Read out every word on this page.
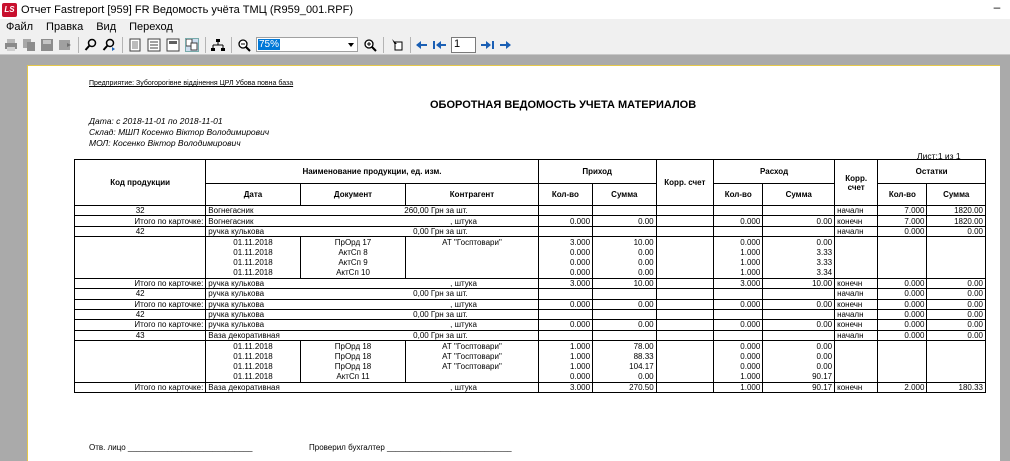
LS Отчет Fastreport [959] FR Ведомость учёта ТМЦ (R959_001.RPF)	–
Файл Правка Вид Переход
75%	1
Предприятие: Зубогорогівне віддінення ЦРЛ Убова повна база
ОБОРОТНАЯ ВЕДОМОСТЬ УЧЕТА МАТЕРИАЛОВ
Дата: с 2018-11-01 по 2018-11-01
Склад: МШП Косенко Віктор Володимирович
МОЛ: Косенко Віктор Володимирович
Лист:1 из 1
Код продукции	Наименование продукции, ед. изм.			Приход		Корр. счет	Расход		Корр. счет	Остатки	
	Дата	Документ	Контрагент	Кол-во	Сумма		Кол-во	Сумма		Кол-во	Сумма
32	Вогнегасник	260,00 Грн за шт.							началн	7.000	1820.00
Итого по карточке:	Вогнегасник	, штука		0.000	0.00		0.000	0.00	конечн	7.000	1820.00
42	ручка кулькова	0,00 Грн за шт.							началн	0.000	0.00
	01.11.2018	ПрОрд 17	АТ "Госптовари"	3.000	10.00		0.000	0.00			
	01.11.2018	АктСп 8		0.000	0.00		1.000	3.33			
	01.11.2018	АктСп 9		0.000	0.00		1.000	3.33			
	01.11.2018	АктСп 10		0.000	0.00		1.000	3.34			
Итого по карточке:	ручка кулькова	, штука		3.000	10.00		3.000	10.00	конечн	0.000	0.00
42	ручка кулькова	0,00 Грн за шт.							началн	0.000	0.00
Итого по карточке:	ручка кулькова	, штука		0.000	0.00		0.000	0.00	конечн	0.000	0.00
42	ручка кулькова	0,00 Грн за шт.							началн	0.000	0.00
Итого по карточке:	ручка кулькова	, штука		0.000	0.00		0.000	0.00	конечн	0.000	0.00
43	Ваза декоративная	0,00 Грн за шт.							началн	0.000	0.00
	01.11.2018	ПрОрд 18	АТ "Госптовари"	1.000	78.00		0.000	0.00			
	01.11.2018	ПрОрд 18	АТ "Госптовари"	1.000	88.33		0.000	0.00			
	01.11.2018	ПрОрд 18	АТ "Госптовари"	1.000	104.17		0.000	0.00			
	01.11.2018	АктСп 11		0.000	0.00		1.000	90.17			
Итого по карточке:	Ваза декоративная	, штука		3.000	270.50		1.000	90.17	конечн	2.000	180.33
Отв. лицо ____________________________	Проверил бухгалтер ____________________________
